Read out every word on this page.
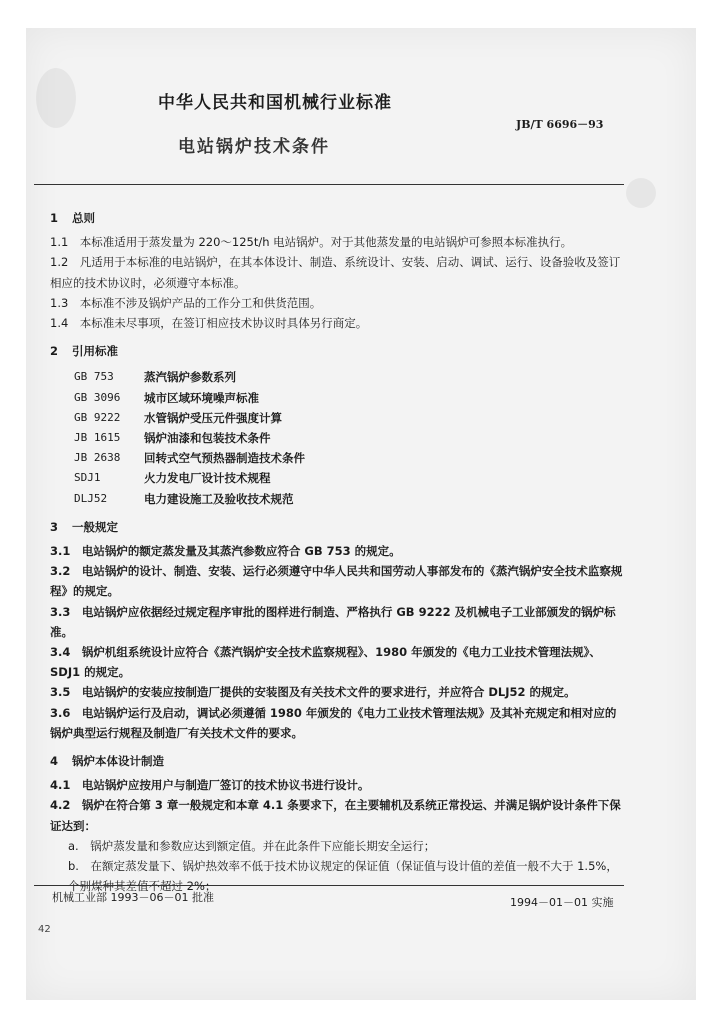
中华人民共和国机械行业标准
JB/T 6696－93
电站锅炉技术条件

1 总则

1.1　本标准适用于蒸发量为 220～125t/h 电站锅炉。对于其他蒸发量的电站锅炉可参照本标准执行。

1.2　凡适用于本标准的电站锅炉，在其本体设计、制造、系统设计、安装、启动、调试、运行、设备验收及签订相应的技术协议时，必须遵守本标准。

1.3　本标准不涉及锅炉产品的工作分工和供货范围。

1.4　本标准未尽事项，在签订相应技术协议时具体另行商定。

2 引用标准

GB 753	蒸汽锅炉参数系列
GB 3096	城市区域环境噪声标准
GB 9222	水管锅炉受压元件强度计算
JB 1615	锅炉油漆和包装技术条件
JB 2638	回转式空气预热器制造技术条件
SDJ1	火力发电厂设计技术规程
DLJ52	电力建设施工及验收技术规范

3 一般规定

3.1　电站锅炉的额定蒸发量及其蒸汽参数应符合 GB 753 的规定。

3.2　电站锅炉的设计、制造、安装、运行必须遵守中华人民共和国劳动人事部发布的《蒸汽锅炉安全技术监察规程》的规定。

3.3　电站锅炉应依据经过规定程序审批的图样进行制造、严格执行 GB 9222 及机械电子工业部颁发的锅炉标准。

3.4　锅炉机组系统设计应符合《蒸汽锅炉安全技术监察规程》、1980 年颁发的《电力工业技术管理法规》、SDJ1 的规定。

3.5　电站锅炉的安装应按制造厂提供的安装图及有关技术文件的要求进行，并应符合 DLJ52 的规定。

3.6　电站锅炉运行及启动，调试必须遵循 1980 年颁发的《电力工业技术管理法规》及其补充规定和相对应的锅炉典型运行规程及制造厂有关技术文件的要求。

4 锅炉本体设计制造

4.1　电站锅炉应按用户与制造厂签订的技术协议书进行设计。

4.2　锅炉在符合第 3 章一般规定和本章 4.1 条要求下，在主要辅机及系统正常投运、并满足锅炉设计条件下保证达到：

a.　锅炉蒸发量和参数应达到额定值。并在此条件下应能长期安全运行；

b.　在额定蒸发量下、锅炉热效率不低于技术协议规定的保证值（保证值与设计值的差值一般不大于 1.5%，个别煤种其差值不超过 2%；

机械工业部 1993－06－01 批准	1994－01－01 实施
42
